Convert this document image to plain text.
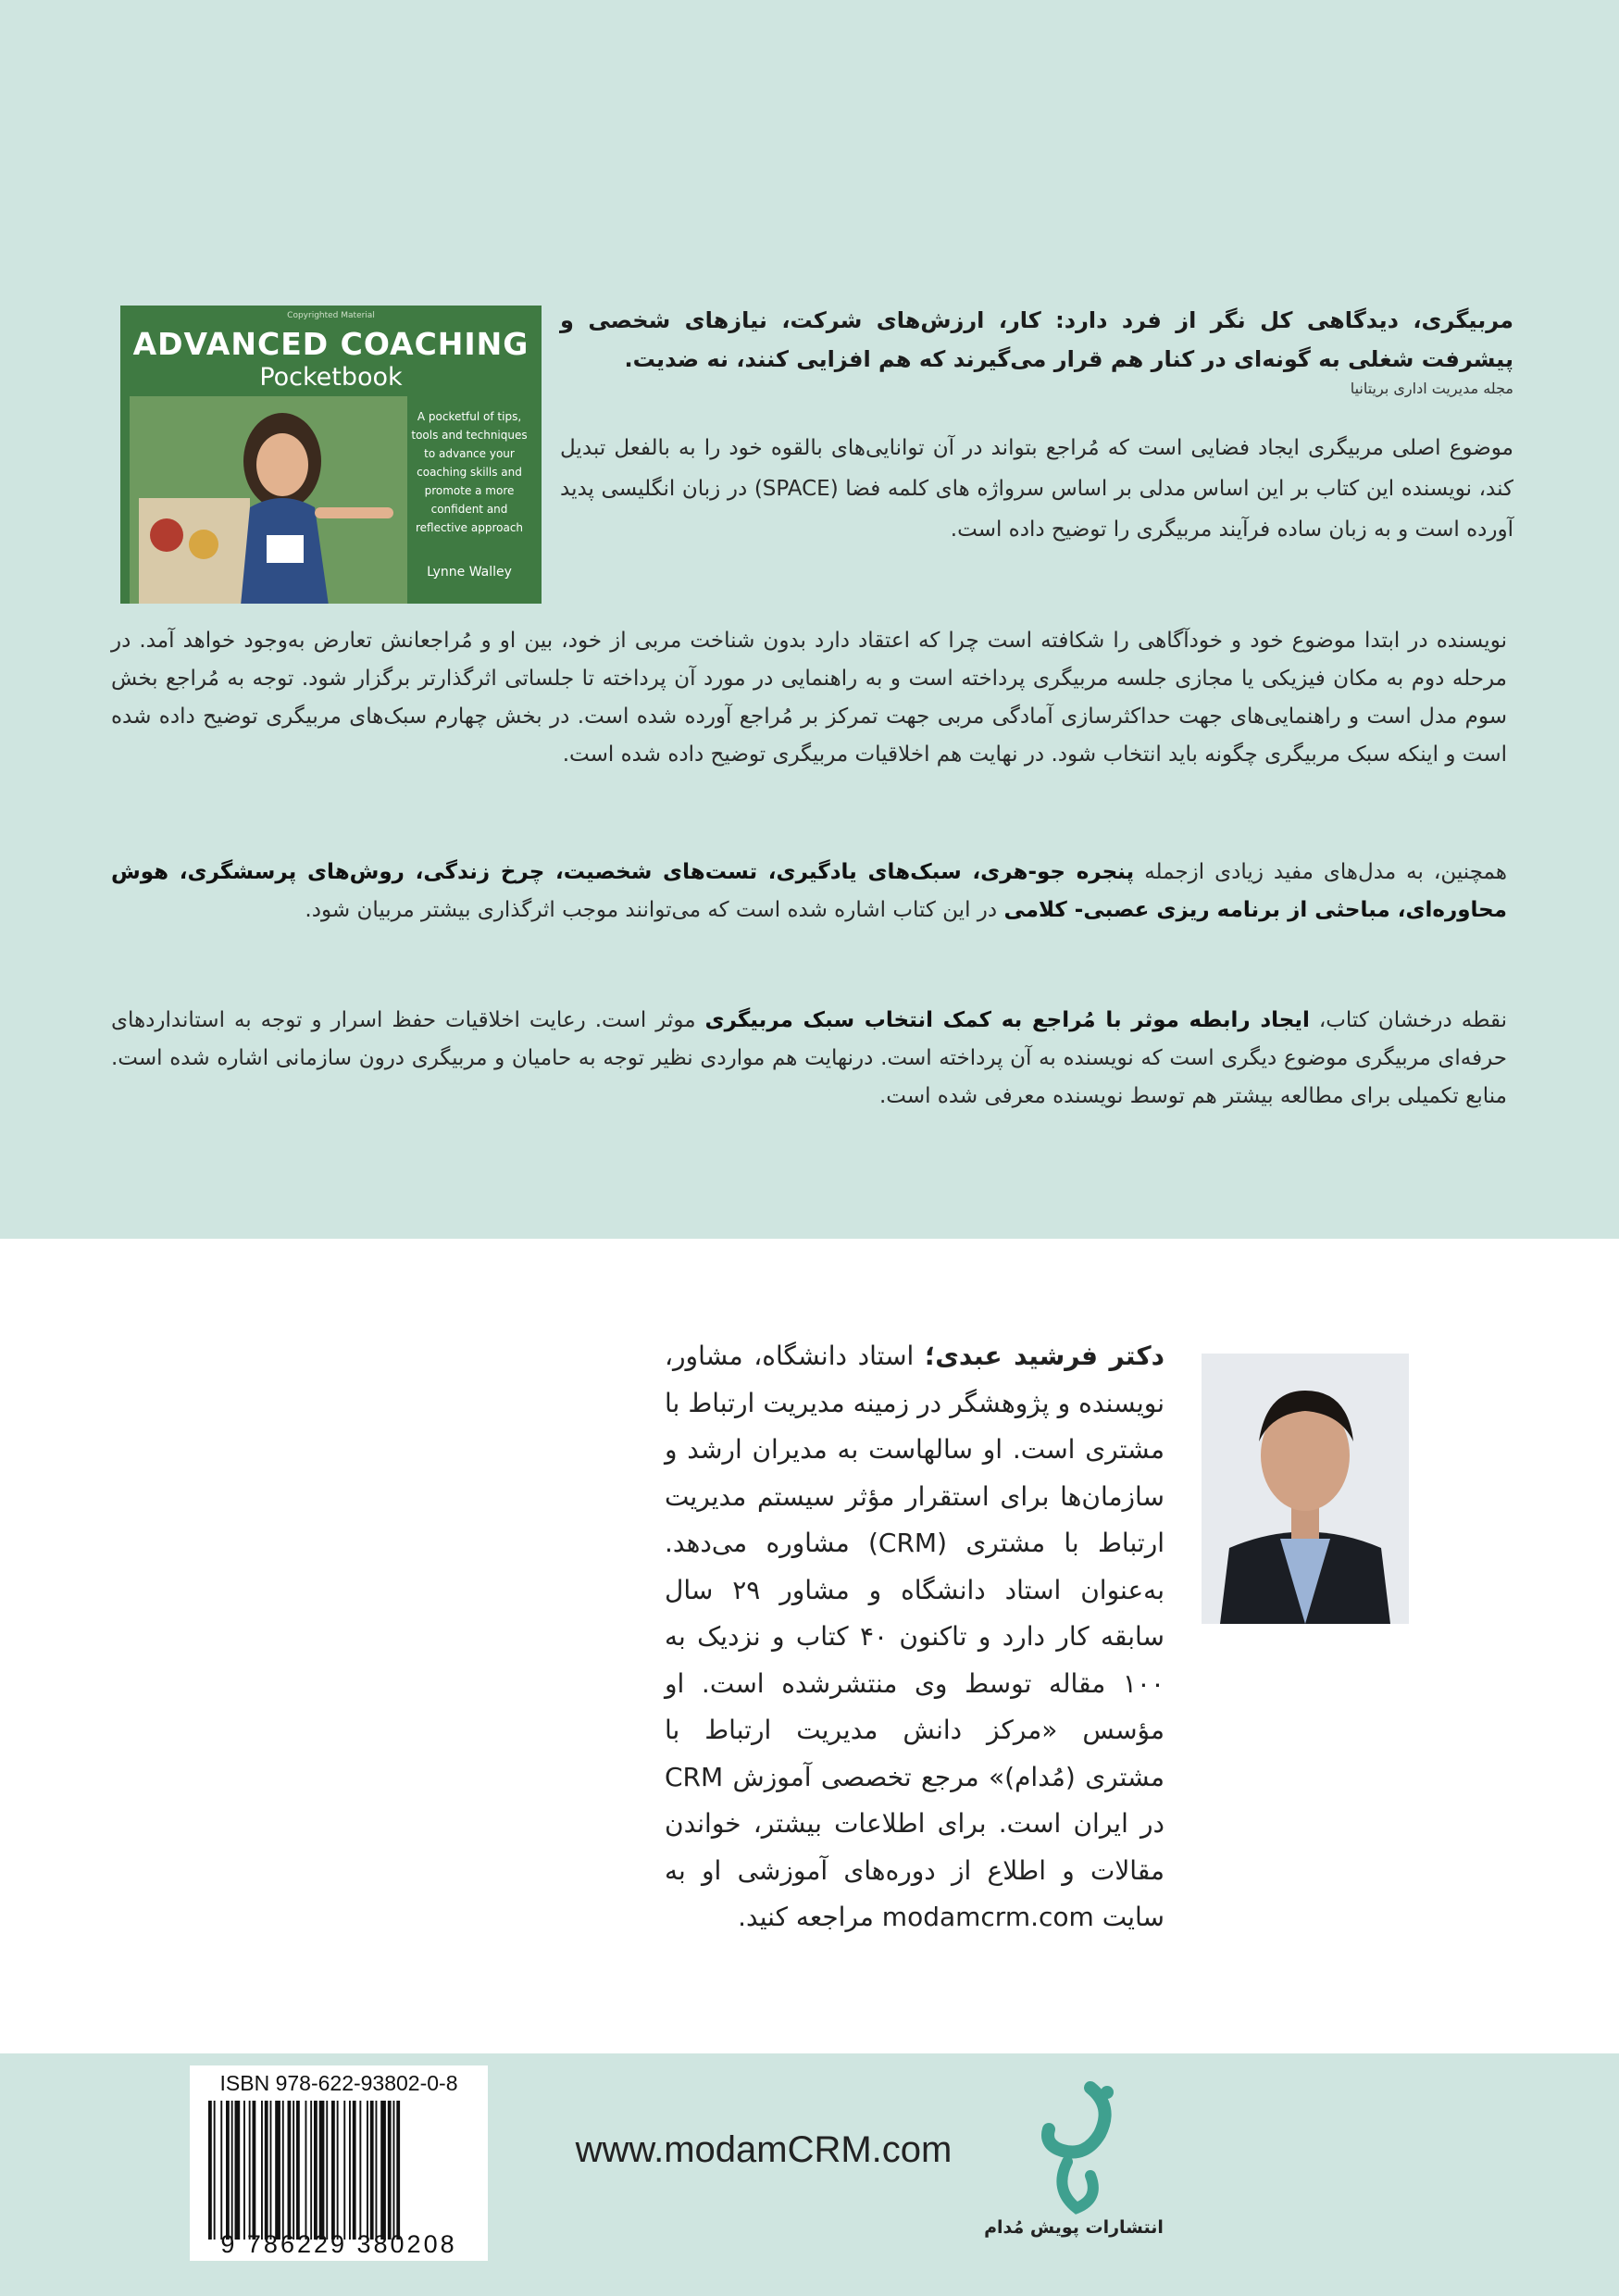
Copyrighted Material
ADVANCED COACHING
Pocketbook
A pocketful of tips, tools and techniques to advance your coaching skills and promote a more confident and reflective approach
Lynne Walley
مربیگری، دیدگاهی کل نگر از فرد دارد: کار، ارزش‌های شرکت، نیازهای شخصی و پیشرفت شغلی به گونه‌ای در کنار هم قرار می‌گیرند که هم افزایی کنند، نه ضدیت.
مجله مدیریت اداری بریتانیا
موضوع اصلی مربیگری ایجاد فضایی است که مُراجع بتواند در آن توانایی‌های بالقوه خود را به بالفعل تبدیل کند، نویسنده این کتاب بر این اساس مدلی بر اساس سرواژه های کلمه فضا (SPACE) در زبان انگلیسی پدید آورده است و به زبان ساده فرآیند مربیگری را توضیح داده است.
نویسنده در ابتدا موضوع خود و خودآگاهی را شکافته است چرا که اعتقاد دارد بدون شناخت مربی از خود، بین او و مُراجعانش تعارض به‌وجود خواهد آمد. در مرحله دوم به مکان فیزیکی یا مجازی جلسه مربیگری پرداخته است و به راهنمایی در مورد آن پرداخته تا جلساتی اثرگذارتر برگزار شود. توجه به مُراجع بخش سوم مدل است و راهنمایی‌های جهت حداکثرسازی آمادگی مربی جهت تمرکز بر مُراجع آورده شده است. در بخش چهارم سبک‌های مربیگری توضیح داده شده است و اینکه سبک مربیگری چگونه باید انتخاب شود. در نهایت هم اخلاقیات مربیگری توضیح داده شده است.
همچنین، به مدل‌های مفید زیادی ازجمله پنجره جو-هری، سبک‌های یادگیری، تست‌های شخصیت، چرخ زندگی، روش‌های پرسشگری، هوش محاوره‌ای، مباحثی از برنامه ریزی عصبی- کلامی در این کتاب اشاره شده است که می‌توانند موجب اثرگذاری بیشتر مربیان شود.
نقطه درخشان کتاب، ایجاد رابطه موثر با مُراجع به کمک انتخاب سبک مربیگری موثر است. رعایت اخلاقیات حفظ اسرار و توجه به استانداردهای حرفه‌ای مربیگری موضوع دیگری است که نویسنده به آن پرداخته است. درنهایت هم مواردی نظیر توجه به حامیان و مربیگری درون سازمانی اشاره شده است. منابع تکمیلی برای مطالعه بیشتر هم توسط نویسنده معرفی شده است.
دکتر فرشید عبدی؛ استاد دانشگاه، مشاور، نویسنده و پژوهشگر در زمینه مدیریت ارتباط با مشتری است. او سالهاست به مدیران ارشد و سازمان‌ها برای استقرار مؤثر سیستم مدیریت ارتباط با مشتری (CRM) مشاوره می‌دهد. به‌عنوان استاد دانشگاه و مشاور ۲۹ سال سابقه کار دارد و تاکنون ۴۰ کتاب و نزدیک به ۱۰۰ مقاله توسط وی منتشرشده است. او مؤسس «مرکز دانش مدیریت ارتباط با مشتری (مُدام)» مرجع تخصصی آموزش CRM در ایران است. برای اطلاعات بیشتر، خواندن مقالات و اطلاع از دوره‌های آموزشی او به سایت modamcrm.com مراجعه کنید.
ISBN 978-622-93802-0-8
9 786229 380208
www.modamCRM.com
انتشارات پویش مُدام
